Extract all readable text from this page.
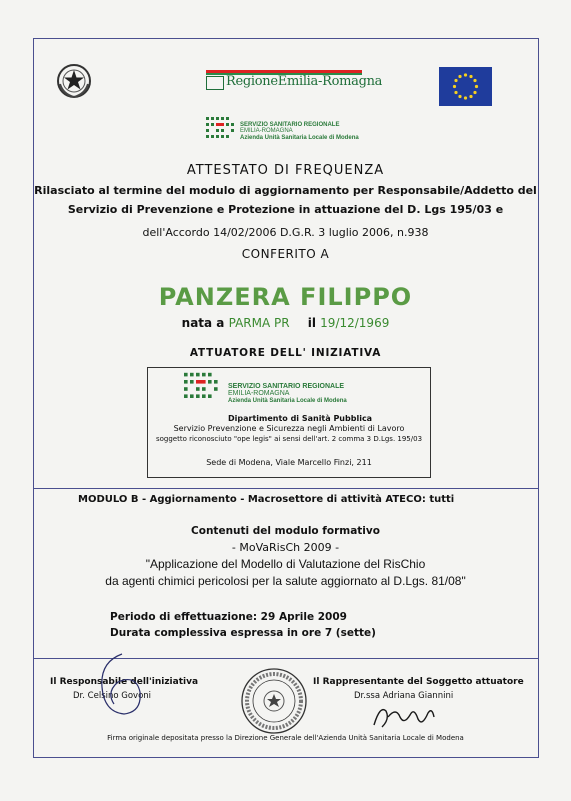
RegioneEmilia-Romagna
SERVIZIO SANITARIO REGIONALE
EMILIA-ROMAGNA
Azienda Unità Sanitaria Locale di Modena
ATTESTATO DI FREQUENZA
Rilasciato al termine del modulo di aggiornamento per Responsabile/Addetto del
Servizio di Prevenzione e Protezione in attuazione del D. Lgs 195/03 e
dell'Accordo 14/02/2006 D.G.R. 3 luglio 2006, n.938
CONFERITO A
PANZERA FILIPPO
nata a PARMA PR il 19/12/1969
ATTUATORE DELL' INIZIATIVA
SERVIZIO SANITARIO REGIONALE
EMILIA-ROMAGNA
Azienda Unità Sanitaria Locale di Modena
Dipartimento di Sanità Pubblica
Servizio Prevenzione e Sicurezza negli Ambienti di Lavoro
soggetto riconosciuto "ope legis" ai sensi dell'art. 2 comma 3 D.Lgs. 195/03
Sede di Modena, Viale Marcello Finzi, 211
MODULO B - Aggiornamento - Macrosettore di attività ATECO: tutti
Contenuti del modulo formativo
- MoVaRisCh 2009 -
"Applicazione del Modello di Valutazione del RisChio
da agenti chimici pericolosi per la salute aggiornato al D.Lgs. 81/08"
Periodo di effettuazione: 29 Aprile 2009
Durata complessiva espressa in ore 7 (sette)
Il Responsabile dell'iniziativa
Dr. Celsino Govoni
Il Rappresentante del Soggetto attuatore
Dr.ssa Adriana Giannini
Firma originale depositata presso la Direzione Generale dell'Azienda Unità Sanitaria Locale di Modena
